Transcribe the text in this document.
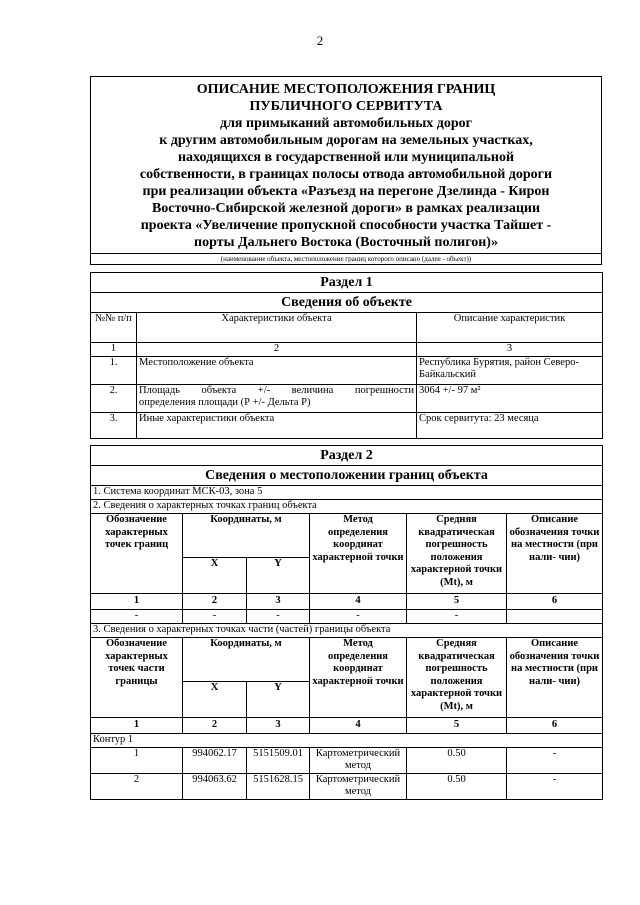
2
ОПИСАНИЕ МЕСТОПОЛОЖЕНИЯ ГРАНИЦ
ПУБЛИЧНОГО СЕРВИТУТА
для примыканий автомобильных дорог
к другим автомобильным дорогам на земельных участках,
находящихся в государственной или муниципальной
собственности, в границах полосы отвода автомобильной дороги
при реализации объекта «Разъезд на перегоне Дзелинда - Кирон
Восточно-Сибирской железной дороги» в рамках реализации
проекта «Увеличение пропускной способности участка Тайшет -
порты Дальнего Востока (Восточный полигон)»

(наименование объекта, местоположение границ которого описано (далее - объект))
Раздел 1		
Сведения об объекте		
№№ п/п	Характеристики объекта	Описание характеристик
1	2	3
1.	Местоположение объекта	Республика Бурятия, район Северо-Байкальский
2.	Площадь объекта +/- величина погрешности
определения площади (Р +/- Дельта Р)	3064 +/- 97 м²
3.	Иные характеристики объекта	Срок сервитута: 23 месяца
Раздел 2					
Сведения о местоположении границ объекта					
1. Система координат МСК-03, зона 5					
2. Сведения о характерных точках границ объекта					
Обозначение характерных точек границ	Координаты, м		Метод определения координат характерной точки	Средняя квадратическая погрешность положения характерной точки (Mt), м	Описание обозначения точки на местности (при нали- чии)
	X	Y			
1	2	3	4	5	6
-	-	-	-	-	
3. Сведения о характерных точках части (частей) границы объекта					
Обозначение характерных точек части границы	Координаты, м		Метод определения координат характерной точки	Средняя квадратическая погрешность положения характерной точки (Mt), м	Описание обозначения точки на местности (при нали- чии)
	X	Y			
1	2	3	4	5	6
Контур 1					
1	994062.17	5151509.01	Картометрический метод	0.50	-
2	994063.62	5151628.15	Картометрический метод	0.50	-
